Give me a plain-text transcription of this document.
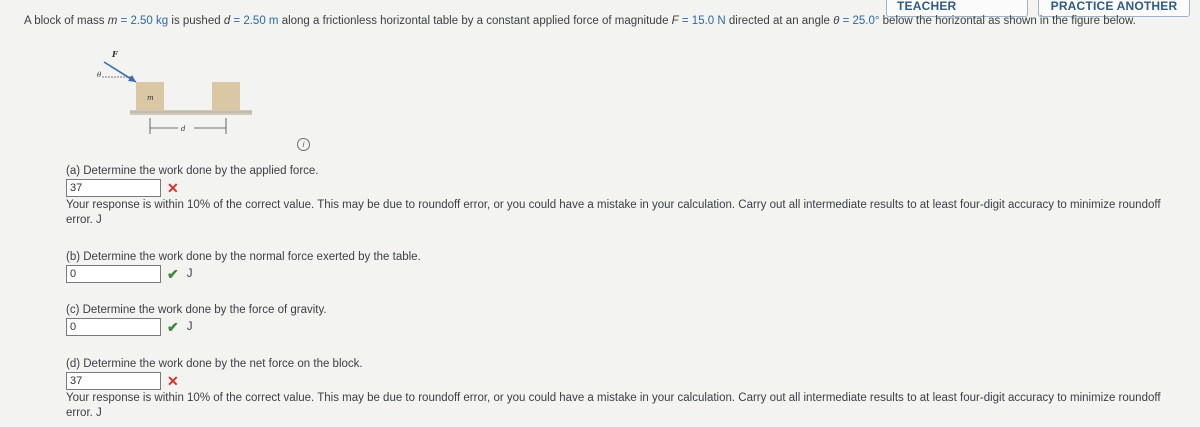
TEACHER	PRACTICE ANOTHER
A block of mass m = 2.50 kg is pushed d = 2.50 m along a frictionless horizontal table by a constant applied force of magnitude F = 15.0 N directed at an angle θ = 25.0° below the horizontal as shown in the figure below.
F
θ
m
d
i
(a) Determine the work done by the applied force.
37
✕
Your response is within 10% of the correct value. This may be due to roundoff error, or you could have a mistake in your calculation. Carry out all intermediate results to at least four-digit accuracy to minimize roundoff error. J
(b) Determine the work done by the normal force exerted by the table.
0
✔ J
(c) Determine the work done by the force of gravity.
0
✔ J
(d) Determine the work done by the net force on the block.
37
✕
Your response is within 10% of the correct value. This may be due to roundoff error, or you could have a mistake in your calculation. Carry out all intermediate results to at least four-digit accuracy to minimize roundoff error. J
